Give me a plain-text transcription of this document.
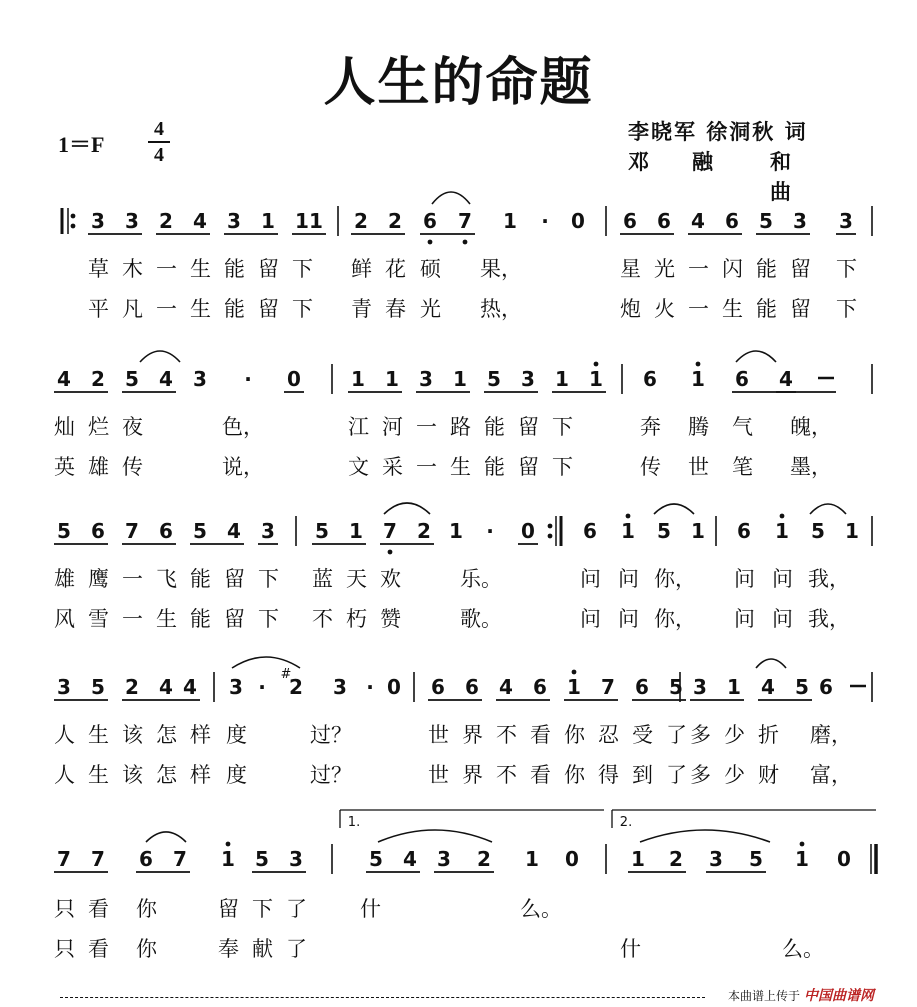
人生的命题
1＝F
4
4
李晓军 徐洞秋 词
邓 融	和曲
3 3 2 4 3 1 1 1 2 2 6 7 1 · 0 6 6 4 6 5 3 3
草 木 一 生 能 留 下 鲜 花 硕 果，	星 光 一 闪 能 留 下
平 凡 一 生 能 留 下 青 春 光 热，	炮 火 一 生 能 留 下
4 2 5 4 3 · 0	1 1 3 1 5 3 1 1 6 1 6 4
灿 烂 夜	色，	江 河 一 路 能 留 下	奔 腾 气 魄，
英 雄 传	说，	文 采 一 生 能 留 下	传 世 笔 墨，
5 6 7 6 5 4 3 5 1 7 2 1 · 0 6 1 5 1 6 1 5 1
雄 鹰 一 飞 能 留 下 蓝 天 欢	乐。	问 问 你， 问 问 我，
风 雪 一 生 能 留 下 不 朽 赞	歌。	问 问 你， 问 问 我，
3 5 2 4 4 3 ·
#
2 3 · 0 6 6 4 6 1 7 6 5 3 1 4 5 6
人 生 该 怎 样 度	过？	世 界 不 看 你 忍 受 了 多 少 折 磨，
人 生 该 怎 样 度	过？	世 界 不 看 你 得 到 了 多 少 财 富，
7 7 6 7 1 5 3	5 4 3 2 1 0	1 2 3 5 1 0
只 看 你	留 下 了	什	么。
只 看 你	奉 献 了	什	么。
1.	2.
本曲谱上传于 中国曲谱网
